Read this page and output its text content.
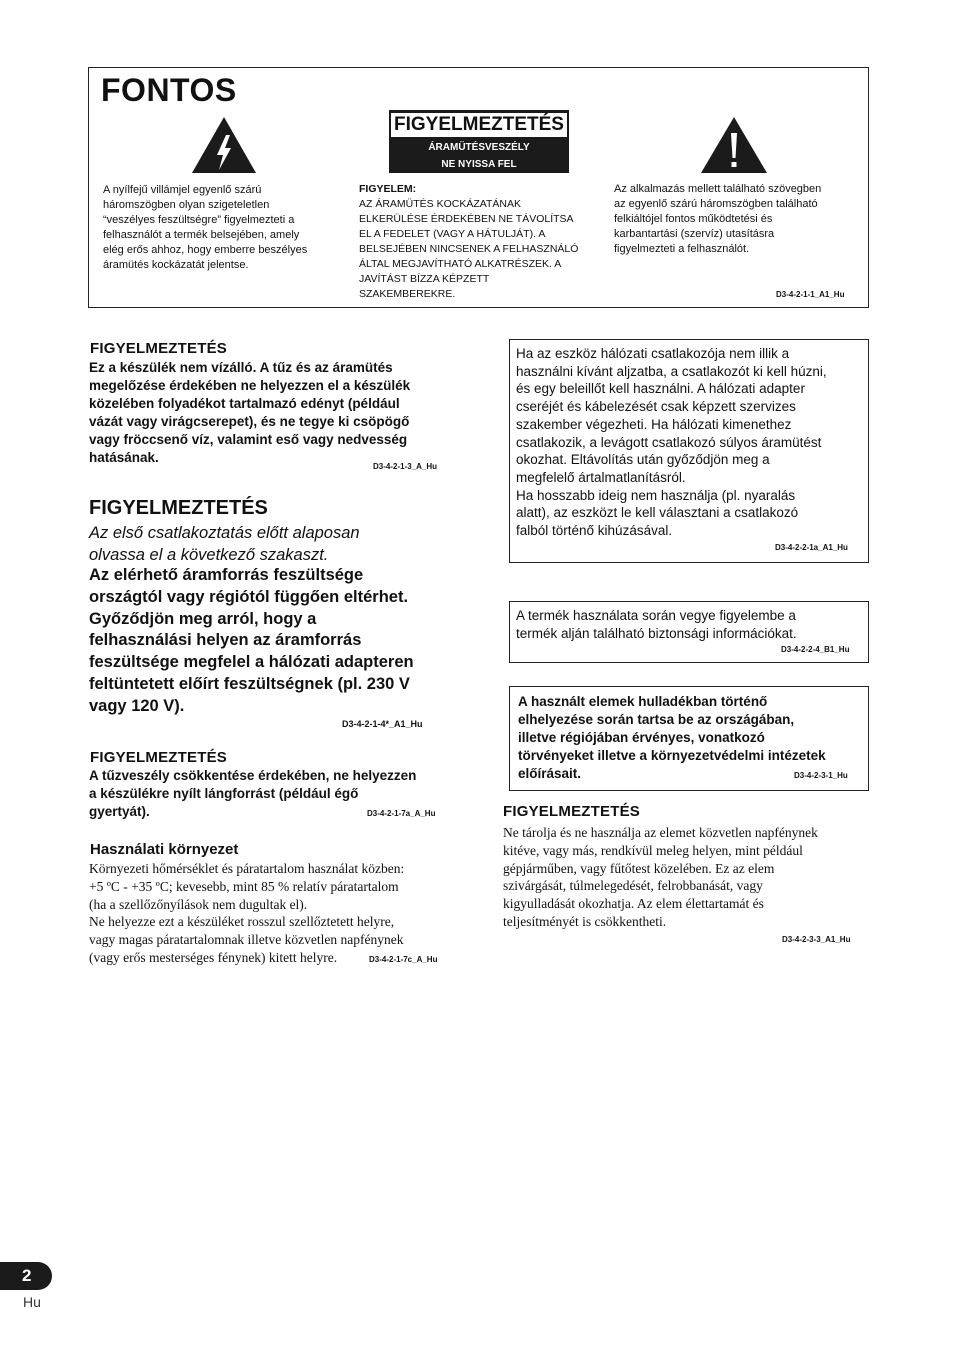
FONTOS
FIGYELMEZTETÉS
ÁRAMÜTÉSVESZÉLY
NE NYISSA FEL
A nyílfejű villámjel egyenlő szárú
háromszögben olyan szigeteletlen
“veszélyes feszültségre” figyelmezteti a
felhasználót a termék belsejében, amely
elég erős ahhoz, hogy emberre beszélyes
áramütés kockázatát jelentse.
FIGYELEM:
AZ ÁRAMÜTÉS KOCKÁZATÁNAK
ELKERÜLÉSE ÉRDEKÉBEN NE TÁVOLÍTSA
EL A FEDELET (VAGY A HÁTULJÁT). A
BELSEJÉBEN NINCSENEK A FELHASZNÁLÓ
ÁLTAL MEGJAVÍTHATÓ ALKATRÉSZEK. A
JAVÍTÁST BÍZZA KÉPZETT
SZAKEMBEREKRE.
Az alkalmazás mellett található szövegben
az egyenlő szárú háromszögben található
felkiáltójel fontos működtetési és
karbantartási (szervíz) utasításra
figyelmezteti a felhasználót.
D3-4-2-1-1_A1_Hu
FIGYELMEZTETÉS
Ez a készülék nem vízálló. A tűz és az áramütés
megelőzése érdekében ne helyezzen el a készülék
közelében folyadékot tartalmazó edényt (például
vázát vagy virágcserepet), és ne tegye ki csöpögő
vagy fröccsenő víz, valamint eső vagy nedvesség
hatásának.
D3-4-2-1-3_A_Hu
FIGYELMEZTETÉS
Az első csatlakoztatás előtt alaposan
olvassa el a következő szakaszt.
Az elérhető áramforrás feszültsége
országtól vagy régiótól függően eltérhet.
Győződjön meg arról, hogy a
felhasználási helyen az áramforrás
feszültsége megfelel a hálózati adapteren
feltüntetett előírt feszültségnek (pl. 230 V
vagy 120 V).
D3-4-2-1-4*_A1_Hu
FIGYELMEZTETÉS
A tűzveszély csökkentése érdekében, ne helyezzen
a készülékre nyílt lángforrást (például égő
gyertyát).	D3-4-2-1-7a_A_Hu
Használati környezet
Környezeti hőmérséklet és páratartalom használat közben:
+5 ºC - +35 ºC; kevesebb, mint 85 % relatív páratartalom
(ha a szellőzőnyílások nem dugultak el).
Ne helyezze ezt a készüléket rosszul szellőztetett helyre,
vagy magas páratartalomnak illetve közvetlen napfénynek
(vagy erős mesterséges fénynek) kitett helyre.	D3-4-2-1-7c_A_Hu
Ha az eszköz hálózati csatlakozója nem illik a
használni kívánt aljzatba, a csatlakozót ki kell húzni,
és egy beleillőt kell használni. A hálózati adapter
cseréjét és kábelezését csak képzett szervizes
szakember végezheti. Ha hálózati kimenethez
csatlakozik, a levágott csatlakozó súlyos áramütést
okozhat. Eltávolítás után győződjön meg a
megfelelő ártalmatlanításról.
Ha hosszabb ideig nem használja (pl. nyaralás
alatt), az eszközt le kell választani a csatlakozó
falból történő kihúzásával.
D3-4-2-2-1a_A1_Hu
A termék használata során vegye figyelembe a
termék alján található biztonsági információkat.
D3-4-2-2-4_B1_Hu
A használt elemek hulladékban történő
elhelyezése során tartsa be az országában,
illetve régiójában érvényes, vonatkozó
törvényeket illetve a környezetvédelmi intézetek
előírásait.	D3-4-2-3-1_Hu
FIGYELMEZTETÉS
Ne tárolja és ne használja az elemet közvetlen napfénynek
kitéve, vagy más, rendkívül meleg helyen, mint például
gépjárműben, vagy fűtőtest közelében. Ez az elem
szivárgását, túlmelegedését, felrobbanását, vagy
kigyulladását okozhatja. Az elem élettartamát és
teljesítményét is csökkentheti.
D3-4-2-3-3_A1_Hu
2
Hu
